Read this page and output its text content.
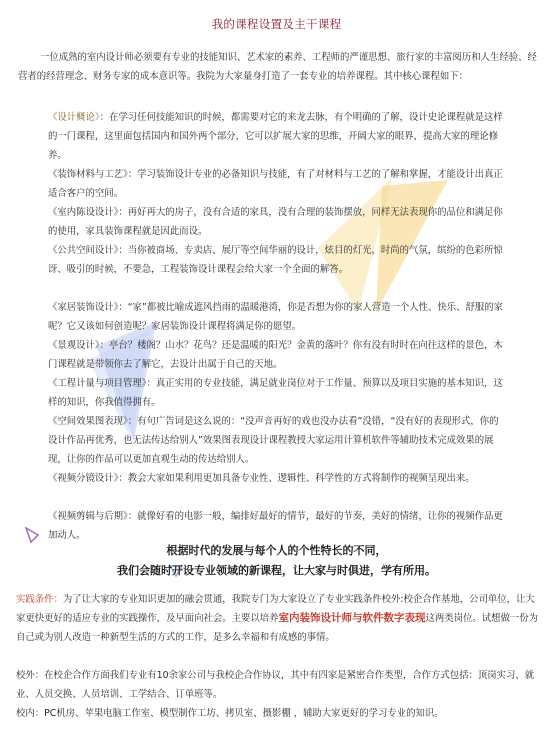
我的课程设置及主干课程
一位成熟的室内设计师必须要有专业的技能知识、艺术家的素养、工程师的严谨思想、旅行家的丰富阅历和人生经验、经营者的经营理念、财务专家的成本意识等。我院为大家量身打造了一套专业的培养课程。其中核心课程如下：
《设计概论》：在学习任何技能知识的时候，都需要对它的来龙去脉，有个明确的了解，设计史论课程就是这样的一门课程，这里面包括国内和国外两个部分，它可以扩展大家的思维，开阔大家的眼界，提高大家的理论修养。
《装饰材料与工艺》：学习装饰设计专业的必备知识与技能，有了对材料与工艺的了解和掌握，才能设计出真正适合客户的空间。
《室内陈设设计》：再好再大的房子，没有合适的家具，没有合理的装饰摆放，同样无法表现你的品位和满足你的使用，家具装饰课程就是因此而设。
《公共空间设计》：当你被商场、专卖店、展厅等空间华丽的设计，炫目的灯光，时尚的气氛，缤纷的色彩所惊讶、吸引的时候，不要急，工程装饰设计课程会给大家一个全面的解答。
《家居装饰设计》：“家”都被比喻成遮风挡雨的温暖港湾，你是否想为你的家人营造一个人性、快乐、舒服的家呢？它又该如何创造呢？家居装饰设计课程将满足你的愿望。
《景观设计》：亭台？楼阁？山水？花鸟？还是温暖的阳光？金黄的落叶？你有没有时时在向往这样的景色，木门课程就是带领你去了解它，去设计出属于自己的天地。
《工程计量与项目管理》：真正实用的专业技能，满足就业岗位对于工作量、预算以及项目实施的基本知识，这样的知识，你我值得拥有。
《空间效果图表现》：有句广告词是这么说的：“没声音再好的戏也没办法看”没错，“没有好的表现形式，你的设计作品再优秀，也无法传达给别人”效果图表现设计课程教授大家运用计算机软件等辅助技术完成效果的展现，让你的作品可以更加直观生动的传达给别人。
《视频分镜设计》：教会大家如果利用更加具备专业性、逻辑性、科学性的方式将制作的视频呈现出来。
《视频剪辑与后期》：就像好看的电影一般，编排好最好的情节，最好的节奏，美好的情绪，让你的视频作品更加动人。
根据时代的发展与每个人的个性特长的不同，
我们会随时开设专业领域的新课程，让大家与时俱进，学有所用。
实践条件：为了让大家的专业知识更加的融会贯通，我院专门为大家设立了专业实践条件校外:校企合作基地，公司单位，让大家更快更好的适应专业的实践操作，及早面向社会。主要以培养室内装饰设计师与软件数字表现这两类岗位。试想做一份为自己或为别人改造一种新型生活的方式的工作，是多么幸福和有成感的事情。
校外：在校企合作方面我们专业有10余家公司与我校企合作协议，其中有四家是紧密合作类型，合作方式包括：顶岗实习、就业、人员交换、人员培训、工学结合、订单班等。
校内：PC机房、苹果电脑工作室、模型制作工坊、拷贝室、摄影棚 ，辅助大家更好的学习专业的知识。
